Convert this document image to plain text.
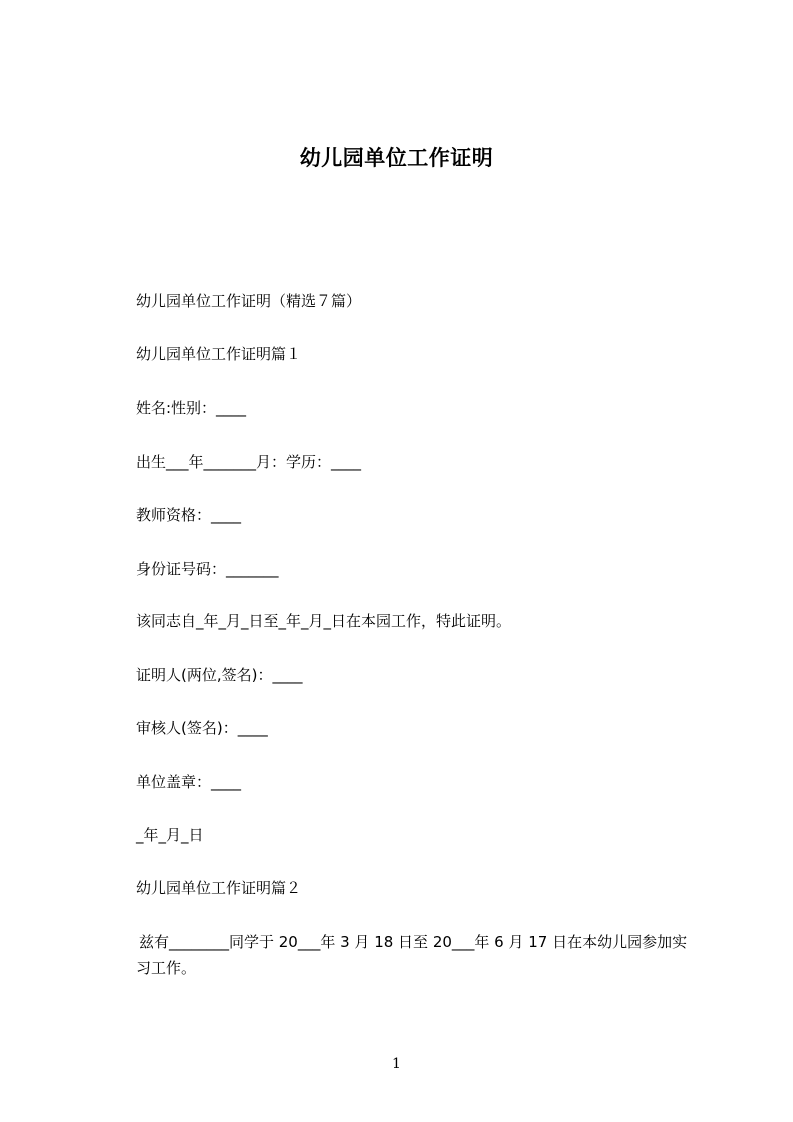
幼儿园单位工作证明
幼儿园单位工作证明（精选７篇）
幼儿园单位工作证明篇１
姓名:性别：____
出生___年_______月：学历：____
教师资格：____
身份证号码：_______
该同志自_年_月_日至_年_月_日在本园工作，特此证明。
证明人(两位,签名)：____
审核人(签名)：____
单位盖章：____
_年_月_日
幼儿园单位工作证明篇２
兹有________同学于 20___年 3 月 18 日至 20___年 6 月 17 日在本幼儿园参加实习工作。
1
